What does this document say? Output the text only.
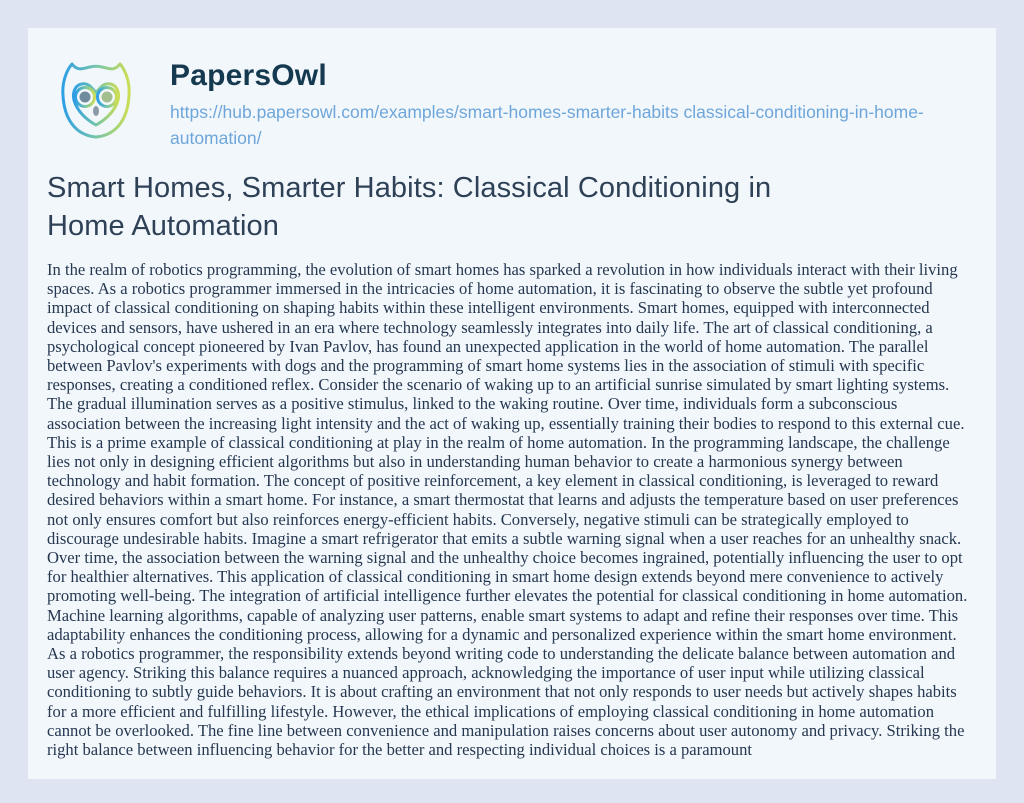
PapersOwl
https://hub.papersowl.com/examples/smart-homes-smarter-habits classical-conditioning-in-home-automation/
Smart Homes, Smarter Habits: Classical Conditioning in Home Automation

In the realm of robotics programming, the evolution of smart homes has sparked a revolution in how individuals interact with their living spaces. As a robotics programmer immersed in the intricacies of home automation, it is fascinating to observe the subtle yet profound impact of classical conditioning on shaping habits within these intelligent environments. Smart homes, equipped with interconnected devices and sensors, have ushered in an era where technology seamlessly integrates into daily life. The art of classical conditioning, a psychological concept pioneered by Ivan Pavlov, has found an unexpected application in the world of home automation. The parallel between Pavlov's experiments with dogs and the programming of smart home systems lies in the association of stimuli with specific responses, creating a conditioned reflex. Consider the scenario of waking up to an artificial sunrise simulated by smart lighting systems. The gradual illumination serves as a positive stimulus, linked to the waking routine. Over time, individuals form a subconscious association between the increasing light intensity and the act of waking up, essentially training their bodies to respond to this external cue. This is a prime example of classical conditioning at play in the realm of home automation. In the programming landscape, the challenge lies not only in designing efficient algorithms but also in understanding human behavior to create a harmonious synergy between technology and habit formation. The concept of positive reinforcement, a key element in classical conditioning, is leveraged to reward desired behaviors within a smart home. For instance, a smart thermostat that learns and adjusts the temperature based on user preferences not only ensures comfort but also reinforces energy-efficient habits. Conversely, negative stimuli can be strategically employed to discourage undesirable habits. Imagine a smart refrigerator that emits a subtle warning signal when a user reaches for an unhealthy snack. Over time, the association between the warning signal and the unhealthy choice becomes ingrained, potentially influencing the user to opt for healthier alternatives. This application of classical conditioning in smart home design extends beyond mere convenience to actively promoting well-being. The integration of artificial intelligence further elevates the potential for classical conditioning in home automation. Machine learning algorithms, capable of analyzing user patterns, enable smart systems to adapt and refine their responses over time. This adaptability enhances the conditioning process, allowing for a dynamic and personalized experience within the smart home environment. As a robotics programmer, the responsibility extends beyond writing code to understanding the delicate balance between automation and user agency. Striking this balance requires a nuanced approach, acknowledging the importance of user input while utilizing classical conditioning to subtly guide behaviors. It is about crafting an environment that not only responds to user needs but actively shapes habits for a more efficient and fulfilling lifestyle. However, the ethical implications of employing classical conditioning in home automation cannot be overlooked. The fine line between convenience and manipulation raises concerns about user autonomy and privacy. Striking the right balance between influencing behavior for the better and respecting individual choices is a paramount
